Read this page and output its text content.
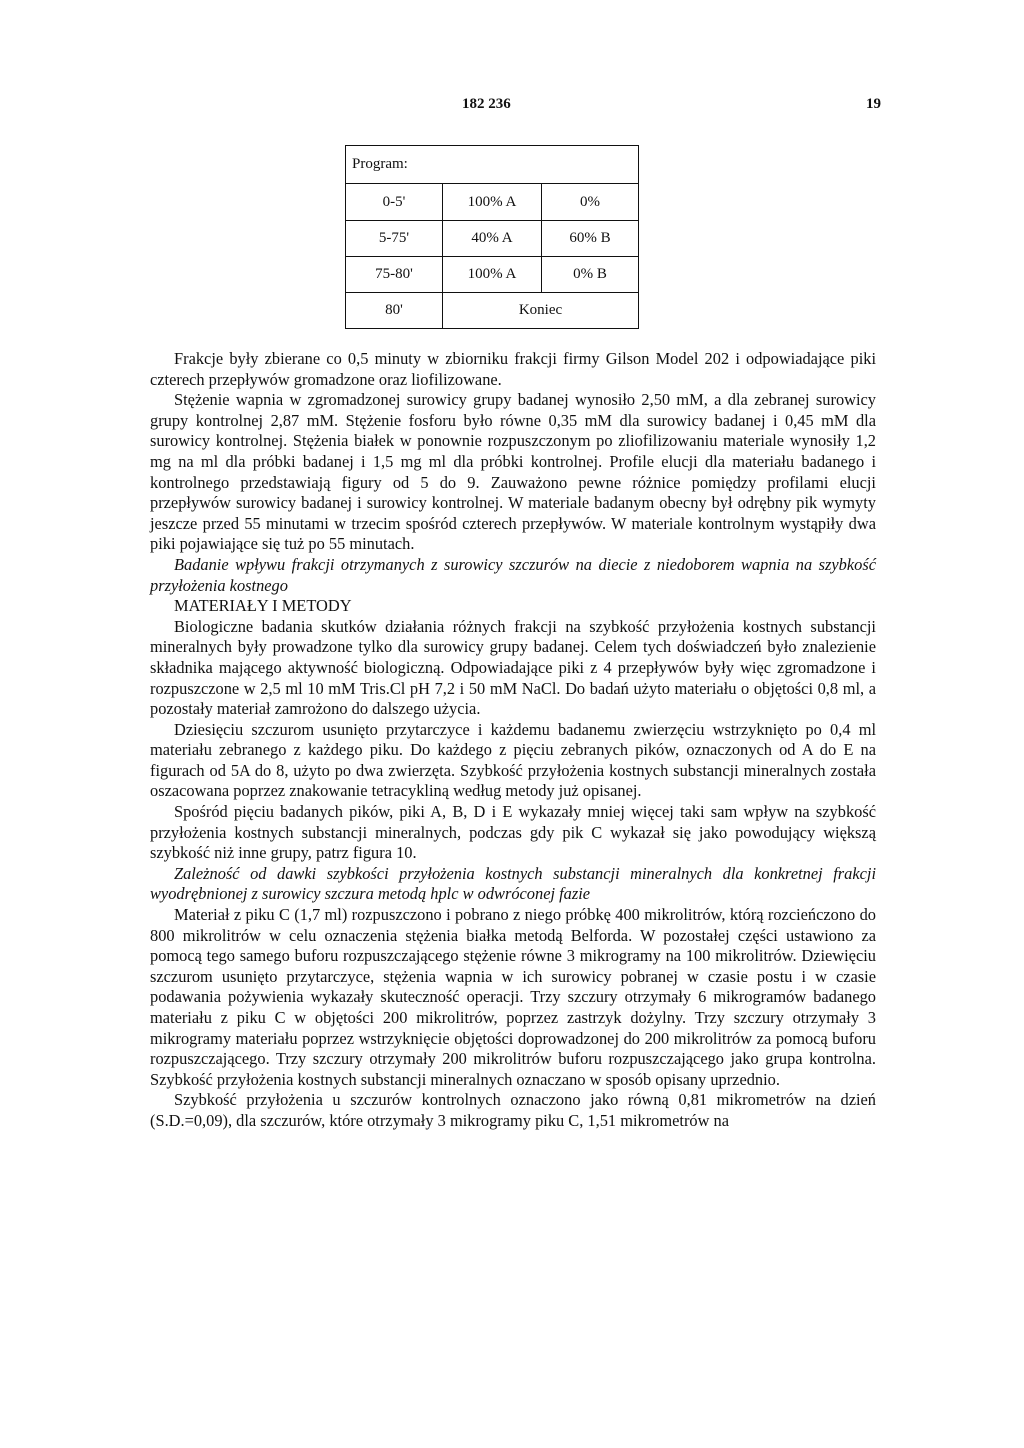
182 236	19
Program:		
0-5'	100% A	0%
5-75'	40% A	60% B
75-80'	100% A	0% B
80'	Koniec	

Frakcje były zbierane co 0,5 minuty w zbiorniku frakcji firmy Gilson Model 202 i odpowiadające piki czterech przepływów gromadzone oraz liofilizowane.

Stężenie wapnia w zgromadzonej surowicy grupy badanej wynosiło 2,50 mM, a dla zebranej surowicy grupy kontrolnej 2,87 mM. Stężenie fosforu było równe 0,35 mM dla surowicy badanej i 0,45 mM dla surowicy kontrolnej. Stężenia białek w ponownie rozpuszczonym po zliofilizowaniu materiale wynosiły 1,2 mg na ml dla próbki badanej i 1,5 mg ml dla próbki kontrolnej. Profile elucji dla materiału badanego i kontrolnego przedstawiają figury od 5 do 9. Zauważono pewne różnice pomiędzy profilami elucji przepływów surowicy badanej i surowicy kontrolnej. W materiale badanym obecny był odrębny pik wymyty jeszcze przed 55 minutami w trzecim spośród czterech przepływów. W materiale kontrolnym wystąpiły dwa piki pojawiające się tuż po 55 minutach.

Badanie wpływu frakcji otrzymanych z surowicy szczurów na diecie z niedoborem wapnia na szybkość przyłożenia kostnego

MATERIAŁY I METODY

Biologiczne badania skutków działania różnych frakcji na szybkość przyłożenia kostnych substancji mineralnych były prowadzone tylko dla surowicy grupy badanej. Celem tych doświadczeń było znalezienie składnika mającego aktywność biologiczną. Odpowiadające piki z 4 przepływów były więc zgromadzone i rozpuszczone w 2,5 ml 10 mM Tris.Cl pH 7,2 i 50 mM NaCl. Do badań użyto materiału o objętości 0,8 ml, a pozostały materiał zamrożono do dalszego użycia.

Dziesięciu szczurom usunięto przytarczyce i każdemu badanemu zwierzęciu wstrzyknięto po 0,4 ml materiału zebranego z każdego piku. Do każdego z pięciu zebranych pików, oznaczonych od A do E na figurach od 5A do 8, użyto po dwa zwierzęta. Szybkość przyłożenia kostnych substancji mineralnych została oszacowana poprzez znakowanie tetracykliną według metody już opisanej.

Spośród pięciu badanych pików, piki A, B, D i E wykazały mniej więcej taki sam wpływ na szybkość przyłożenia kostnych substancji mineralnych, podczas gdy pik C wykazał się jako powodujący większą szybkość niż inne grupy, patrz figura 10.

Zależność od dawki szybkości przyłożenia kostnych substancji mineralnych dla konkretnej frakcji wyodrębnionej z surowicy szczura metodą hplc w odwróconej fazie

Materiał z piku C (1,7 ml) rozpuszczono i pobrano z niego próbkę 400 mikrolitrów, którą rozcieńczono do 800 mikrolitrów w celu oznaczenia stężenia białka metodą Belforda. W pozostałej części ustawiono za pomocą tego samego buforu rozpuszczającego stężenie równe 3 mikrogramy na 100 mikrolitrów. Dziewięciu szczurom usunięto przytarczyce, stężenia wapnia w ich surowicy pobranej w czasie postu i w czasie podawania pożywienia wykazały skuteczność operacji. Trzy szczury otrzymały 6 mikrogramów badanego materiału z piku C w objętości 200 mikrolitrów, poprzez zastrzyk dożylny. Trzy szczury otrzymały 3 mikrogramy materiału poprzez wstrzyknięcie objętości doprowadzonej do 200 mikrolitrów za pomocą buforu rozpuszczającego. Trzy szczury otrzymały 200 mikrolitrów buforu rozpuszczającego jako grupa kontrolna. Szybkość przyłożenia kostnych substancji mineralnych oznaczano w sposób opisany uprzednio.

Szybkość przyłożenia u szczurów kontrolnych oznaczono jako równą 0,81 mikrometrów na dzień (S.D.=0,09), dla szczurów, które otrzymały 3 mikrogramy piku C, 1,51 mikrometrów na
